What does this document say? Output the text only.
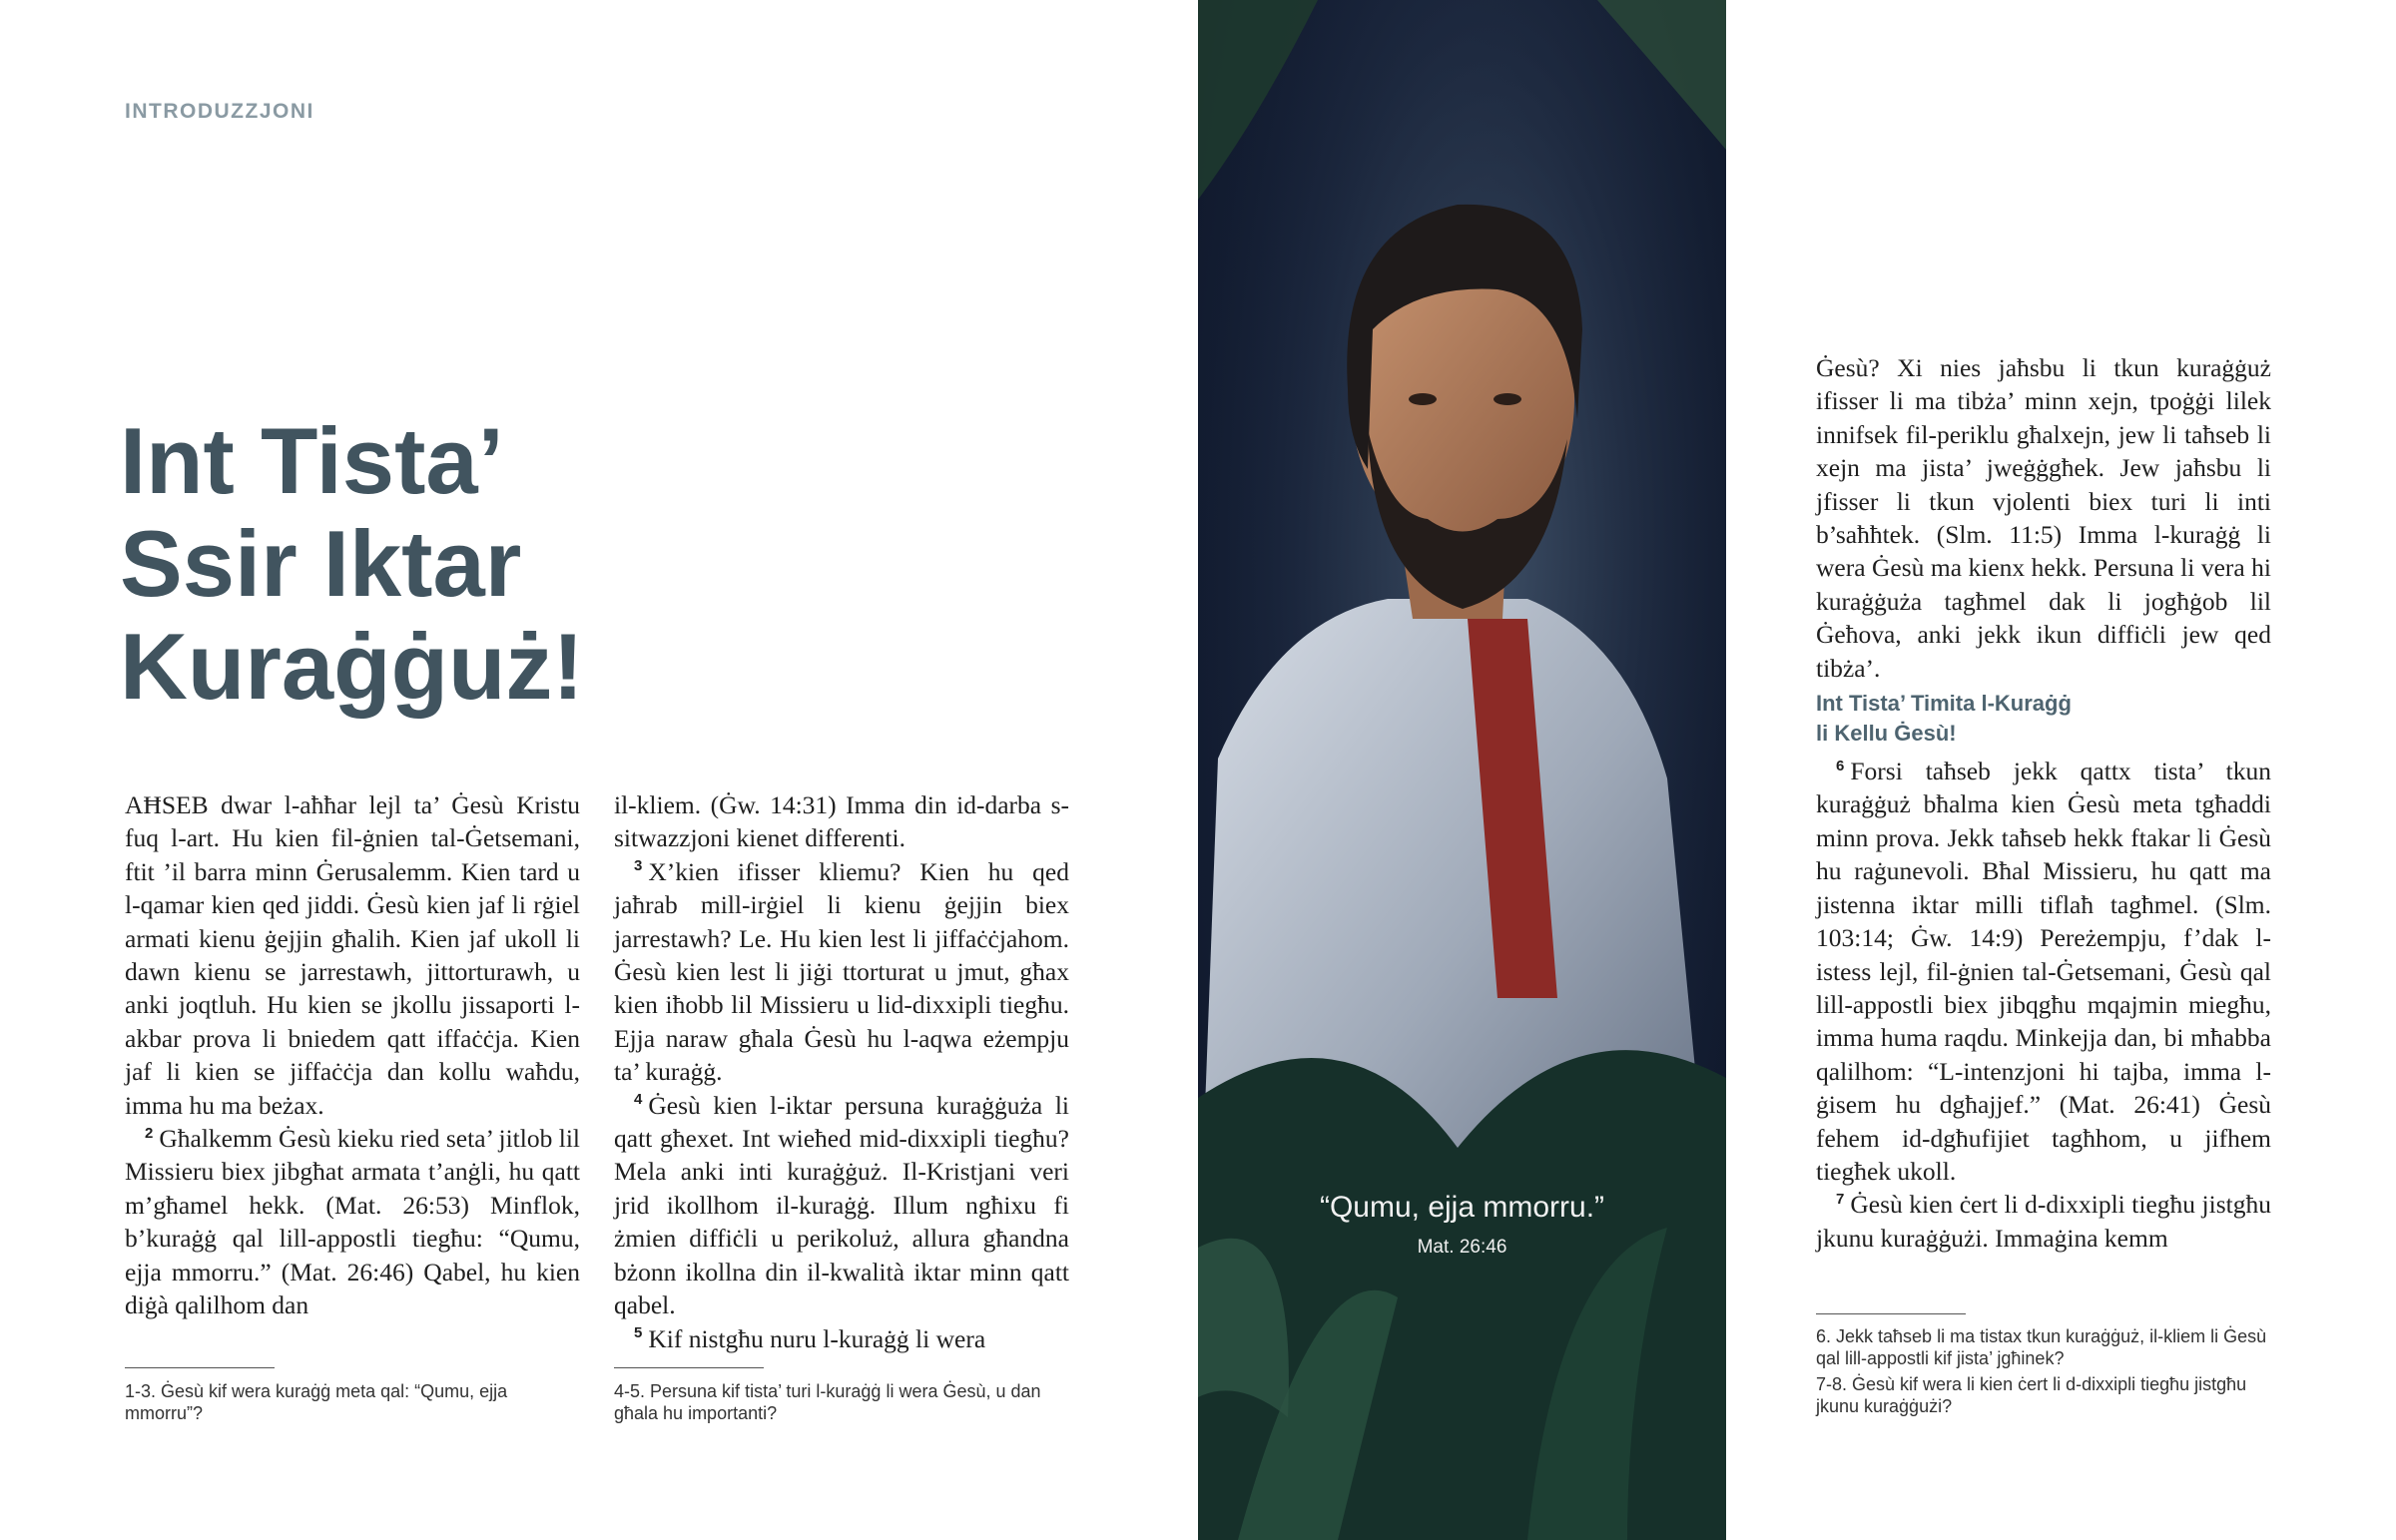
INTRODUZZJONI
Int Tista’
Ssir Iktar
Kuraġġuż!

AĦSEB dwar l-aħħar lejl ta’ Ġesù Kristu fuq l-art. Hu kien fil-ġnien tal-Ġetsemani, ftit ’il barra minn Ġerusalemm. Kien tard u l-qamar kien qed jiddi. Ġesù kien jaf li rġiel armati kienu ġejjin għalih. Kien jaf ukoll li dawn kienu se jarrestawh, jittorturawh, u anki joqtluh. Hu kien se jkollu jissaporti l-akbar prova li bniedem qatt iffaċċja. Kien jaf li kien se jiffaċċja dan kollu waħdu, imma hu ma beżax.

$^2$ Għalkemm Ġesù kieku ried seta’ jitlob lil Missieru biex jibgħat armata t’anġli, hu qatt m’għamel hekk. (Mat. 26:53) Minflok, b’kuraġġ qal lill-appostli tiegħu: “Qumu, ejja mmorru.” (Mat. 26:46) Qabel, hu kien diġà qalilhom dan

1-3. Ġesù kif wera kuraġġ meta qal: “Qumu, ejja mmorru”?

il-kliem. (Ġw. 14:31) Imma din id-darba s-sitwazzjoni kienet differenti.

$^3$ X’kien ifisser kliemu? Kien hu qed jaħrab mill-irġiel li kienu ġejjin biex jarrestawh? Le. Hu kien lest li jiffaċċjahom. Ġesù kien lest li jiġi ttorturat u jmut, għax kien iħobb lil Missieru u lid-dixxipli tiegħu. Ejja naraw għala Ġesù hu l-aqwa eżempju ta’ kuraġġ.

$^4$ Ġesù kien l-iktar persuna kuraġġuża li qatt għexet. Int wieħed mid-dixxipli tiegħu? Mela anki inti kuraġġuż. Il-Kristjani veri jrid ikollhom il-kuraġġ. Illum ngħixu fi żmien diffiċli u perikoluż, allura għandna bżonn ikollna din il-kwalità iktar minn qatt qabel.

$^5$ Kif nistgħu nuru l-kuraġġ li wera

4-5. Persuna kif tista’ turi l-kuraġġ li wera Ġesù, u dan għala hu importanti?

“Qumu, ejja mmorru.”
Mat. 26:46

Ġesù? Xi nies jaħsbu li tkun kuraġġuż ifisser li ma tibża’ minn xejn, tpoġġi lilek innifsek fil-periklu għalxejn, jew li taħseb li xejn ma jista’ jweġġgħek. Jew jaħsbu li jfisser li tkun vjolenti biex turi li inti b’saħħtek. (Slm. 11:5) Imma l-kuraġġ li wera Ġesù ma kienx hekk. Persuna li vera hi kuraġġuża tagħmel dak li jogħġob lil Ġeħova, anki jekk ikun diffiċli jew qed tibża’.

Int Tista’ Timita l-Kuraġġ
li Kellu Ġesù!

$^6$ Forsi taħseb jekk qattx tista’ tkun kuraġġuż bħalma kien Ġesù meta tgħaddi minn prova. Jekk taħseb hekk ftakar li Ġesù hu raġunevoli. Bħal Missieru, hu qatt ma jistenna iktar milli tiflaħ tagħmel. (Slm. 103:14; Ġw. 14:9) Pereżempju, f’dak l-istess lejl, fil-ġnien tal-Ġetsemani, Ġesù qal lill-appostli biex jibqgħu mqajmin miegħu, imma huma raqdu. Minkejja dan, bi mħabba qalilhom: “L-intenzjoni hi tajba, imma l-ġisem hu dgħajjef.” (Mat. 26:41) Ġesù fehem id-dgħufijiet tagħhom, u jifhem tiegħek ukoll.

$^7$ Ġesù kien ċert li d-dixxipli tiegħu jistgħu jkunu kuraġġużi. Immaġina kemm

6. Jekk taħseb li ma tistax tkun kuraġġuż, il-kliem li Ġesù qal lill-appostli kif jista’ jgħinek?

7-8. Ġesù kif wera li kien ċert li d-dixxipli tiegħu jistgħu jkunu kuraġġużi?
